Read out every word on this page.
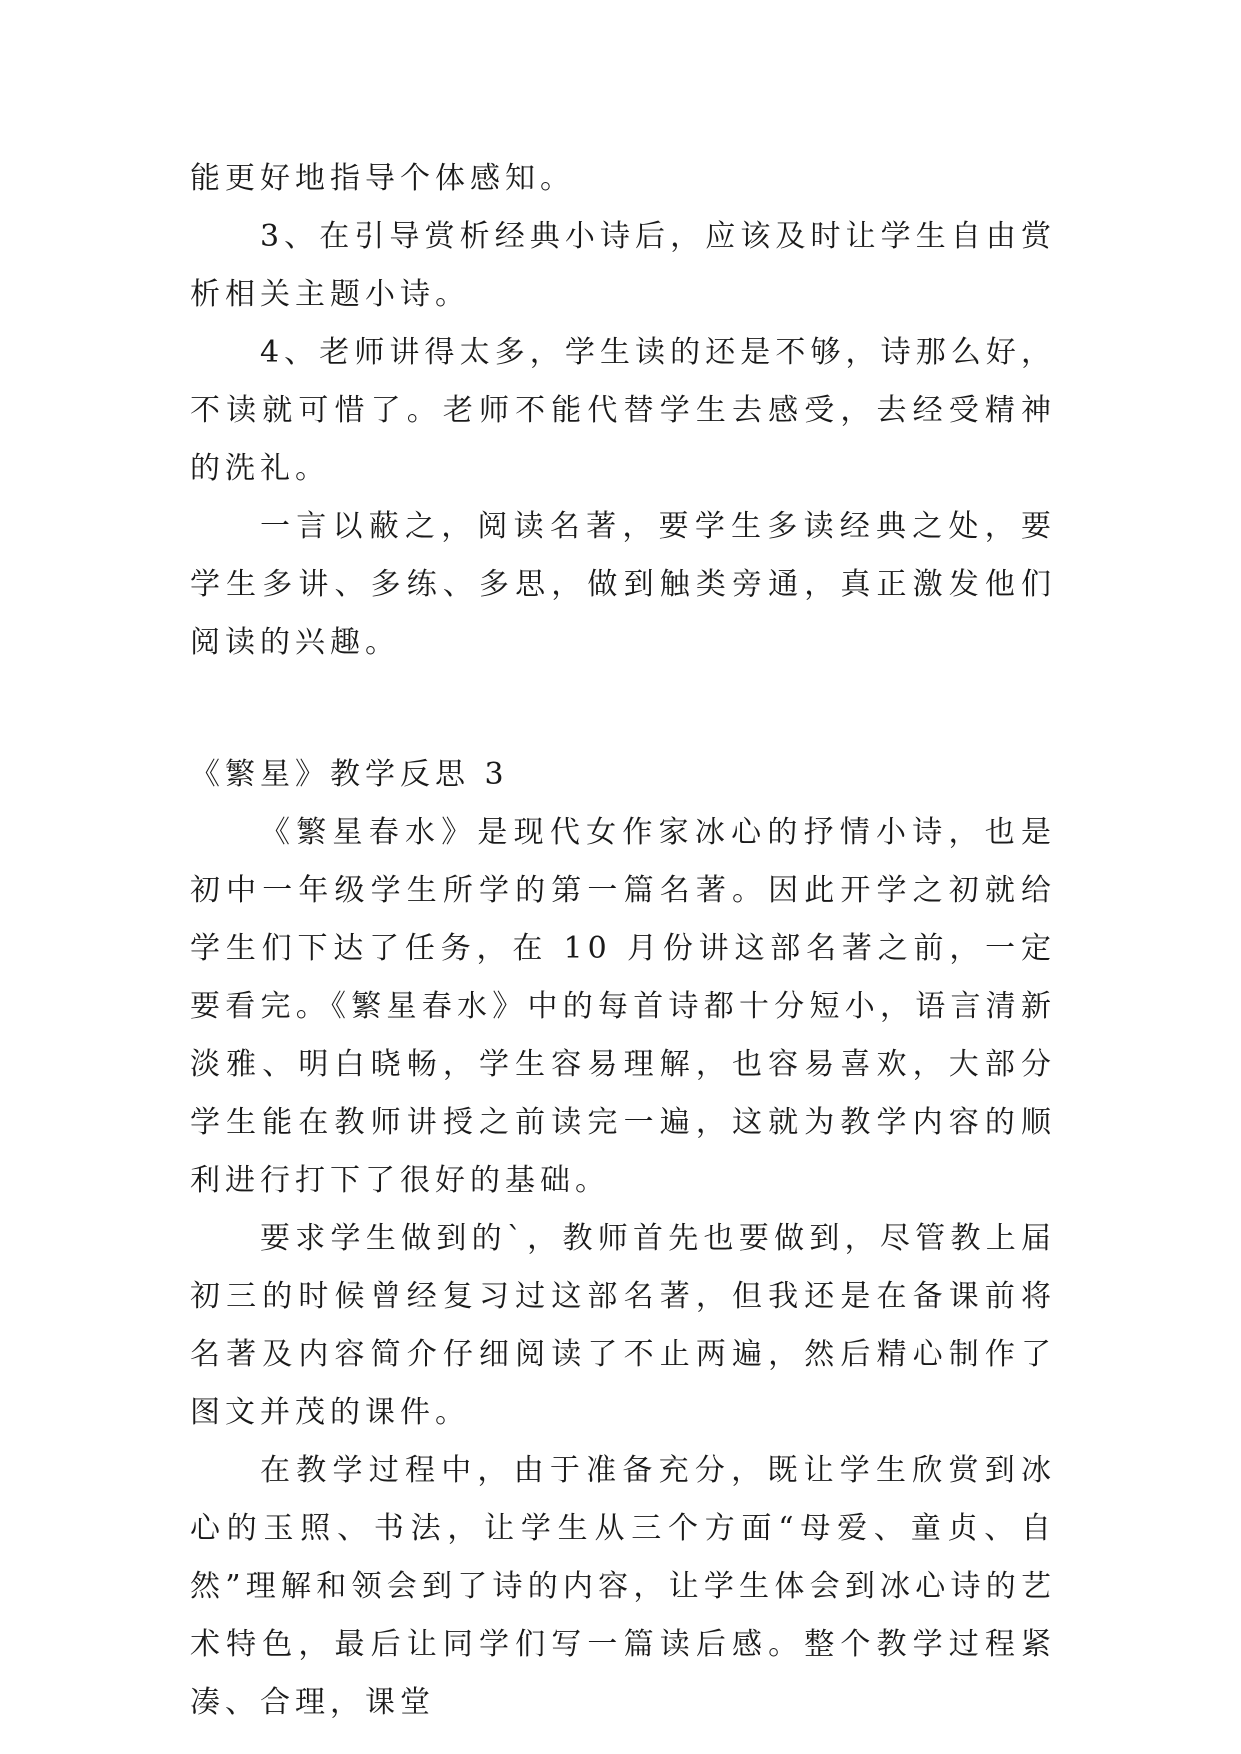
能更好地指导个体感知。

3、在引导赏析经典小诗后，应该及时让学生自由赏析相关主题小诗。

4、老师讲得太多，学生读的还是不够，诗那么好，不读就可惜了。老师不能代替学生去感受，去经受精神的洗礼。

一言以蔽之，阅读名著，要学生多读经典之处，要学生多讲、多练、多思，做到触类旁通，真正激发他们阅读的兴趣。

《繁星》教学反思 3

《繁星春水》是现代女作家冰心的抒情小诗，也是初中一年级学生所学的第一篇名著。因此开学之初就给学生们下达了任务，在 10 月份讲这部名著之前，一定要看完。《繁星春水》中的每首诗都十分短小，语言清新淡雅、明白晓畅，学生容易理解，也容易喜欢，大部分学生能在教师讲授之前读完一遍，这就为教学内容的顺利进行打下了很好的基础。

要求学生做到的`，教师首先也要做到，尽管教上届初三的时候曾经复习过这部名著，但我还是在备课前将名著及内容简介仔细阅读了不止两遍，然后精心制作了图文并茂的课件。

在教学过程中，由于准备充分，既让学生欣赏到冰心的玉照、书法，让学生从三个方面“母爱、童贞、自然”理解和领会到了诗的内容，让学生体会到冰心诗的艺术特色，最后让同学们写一篇读后感。整个教学过程紧凑、合理，课堂
